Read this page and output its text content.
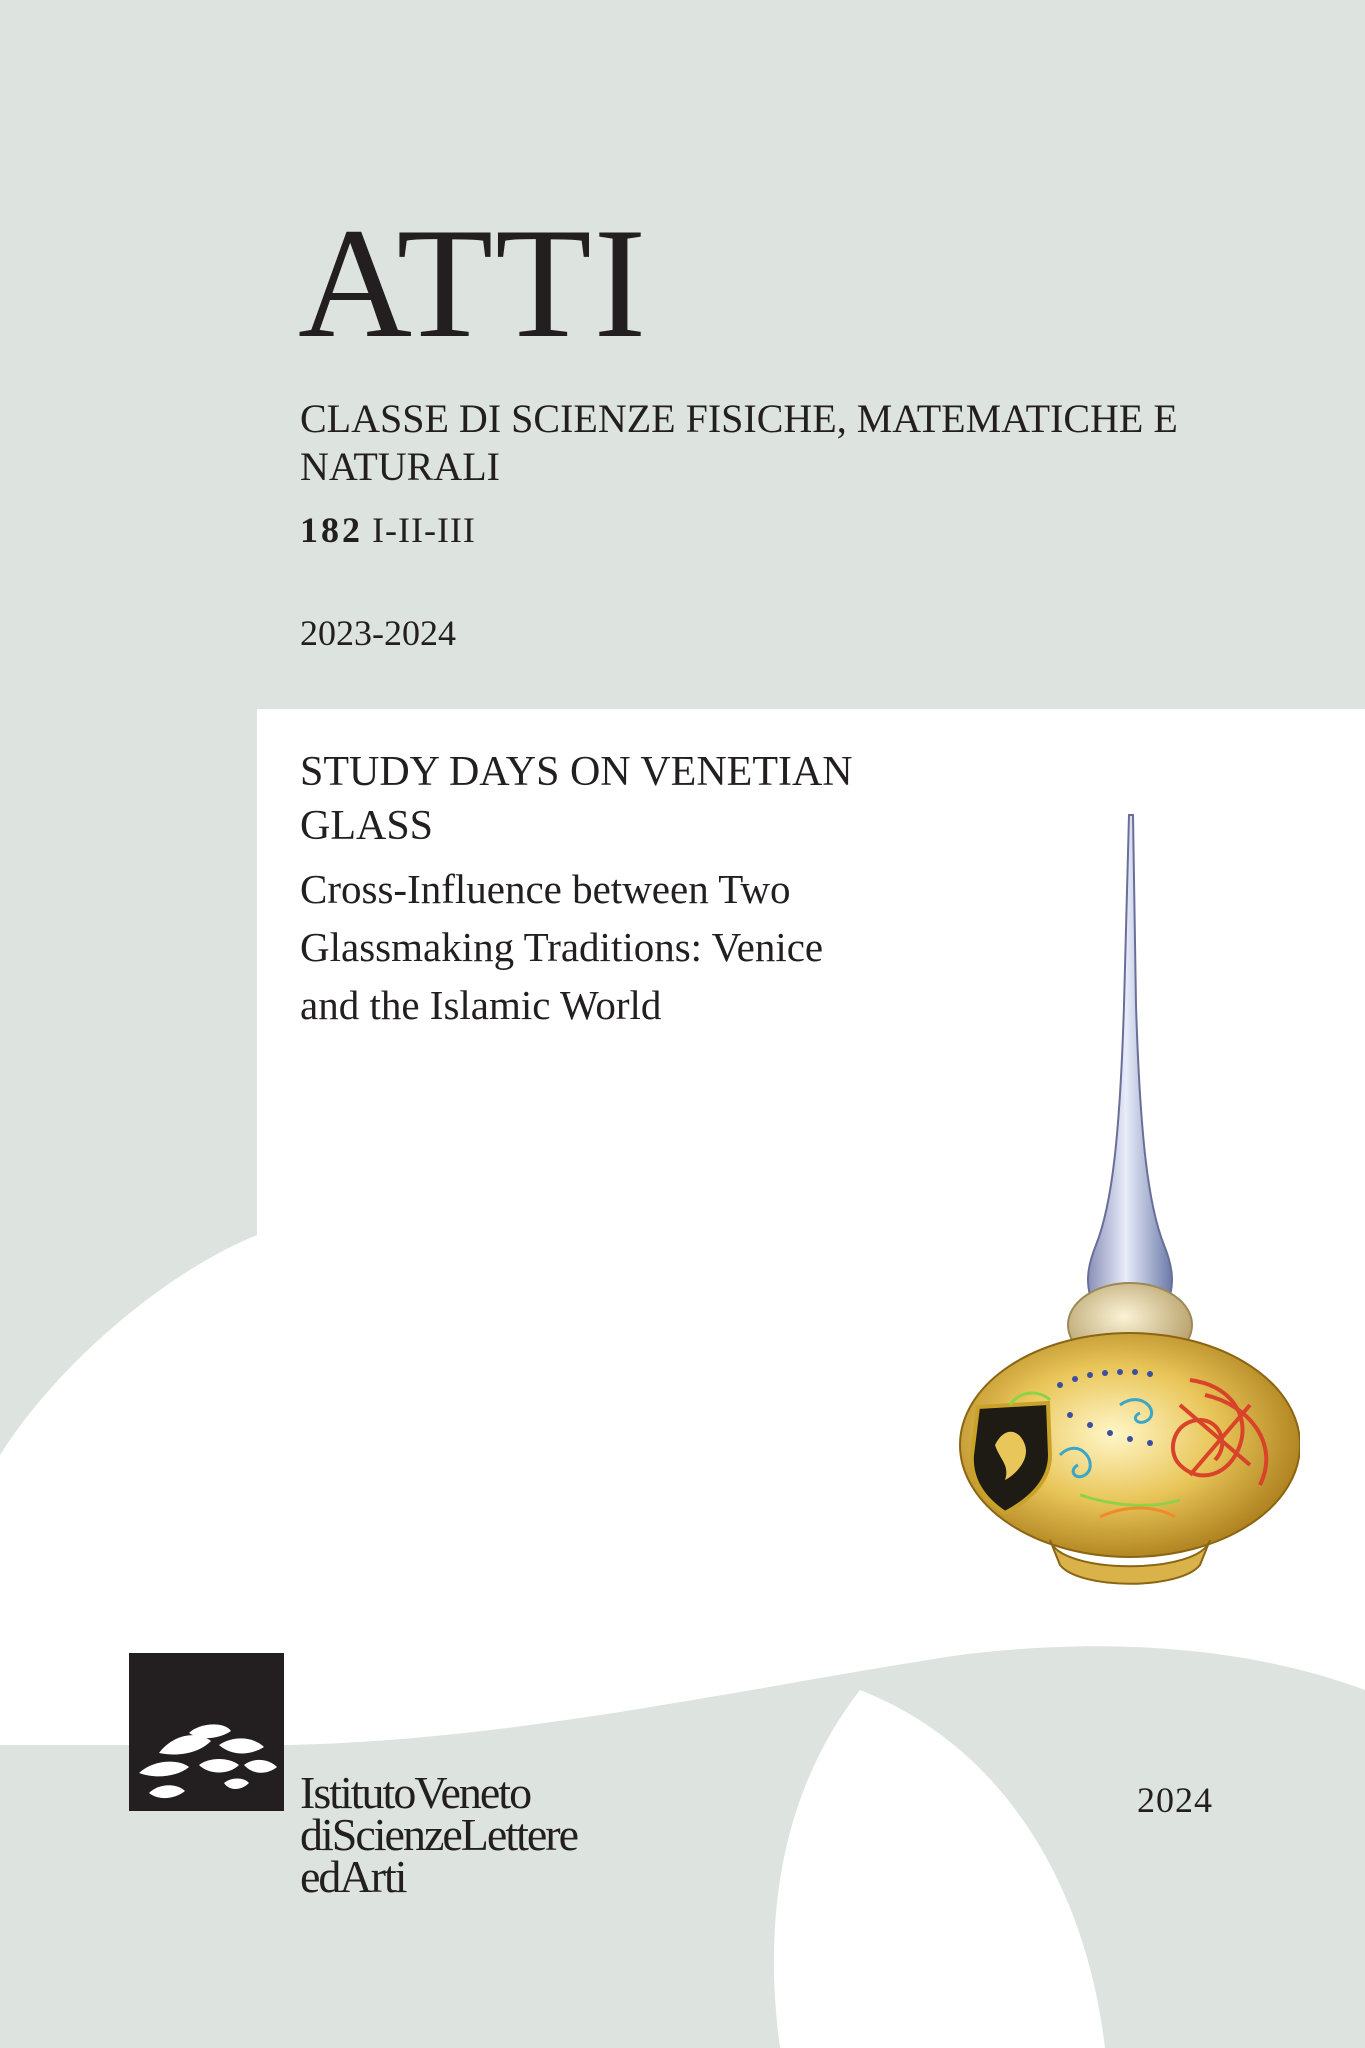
ATTI

CLASSE DI SCIENZE FISICHE, MATEMATICHE E NATURALI

182 I-II-III

2023-2024

STUDY DAYS ON VENETIAN GLASS

Cross-Influence between Two Glassmaking Traditions: Venice and the Islamic World

IstitutoVeneto
diScienzeLettere
edArti

2024
